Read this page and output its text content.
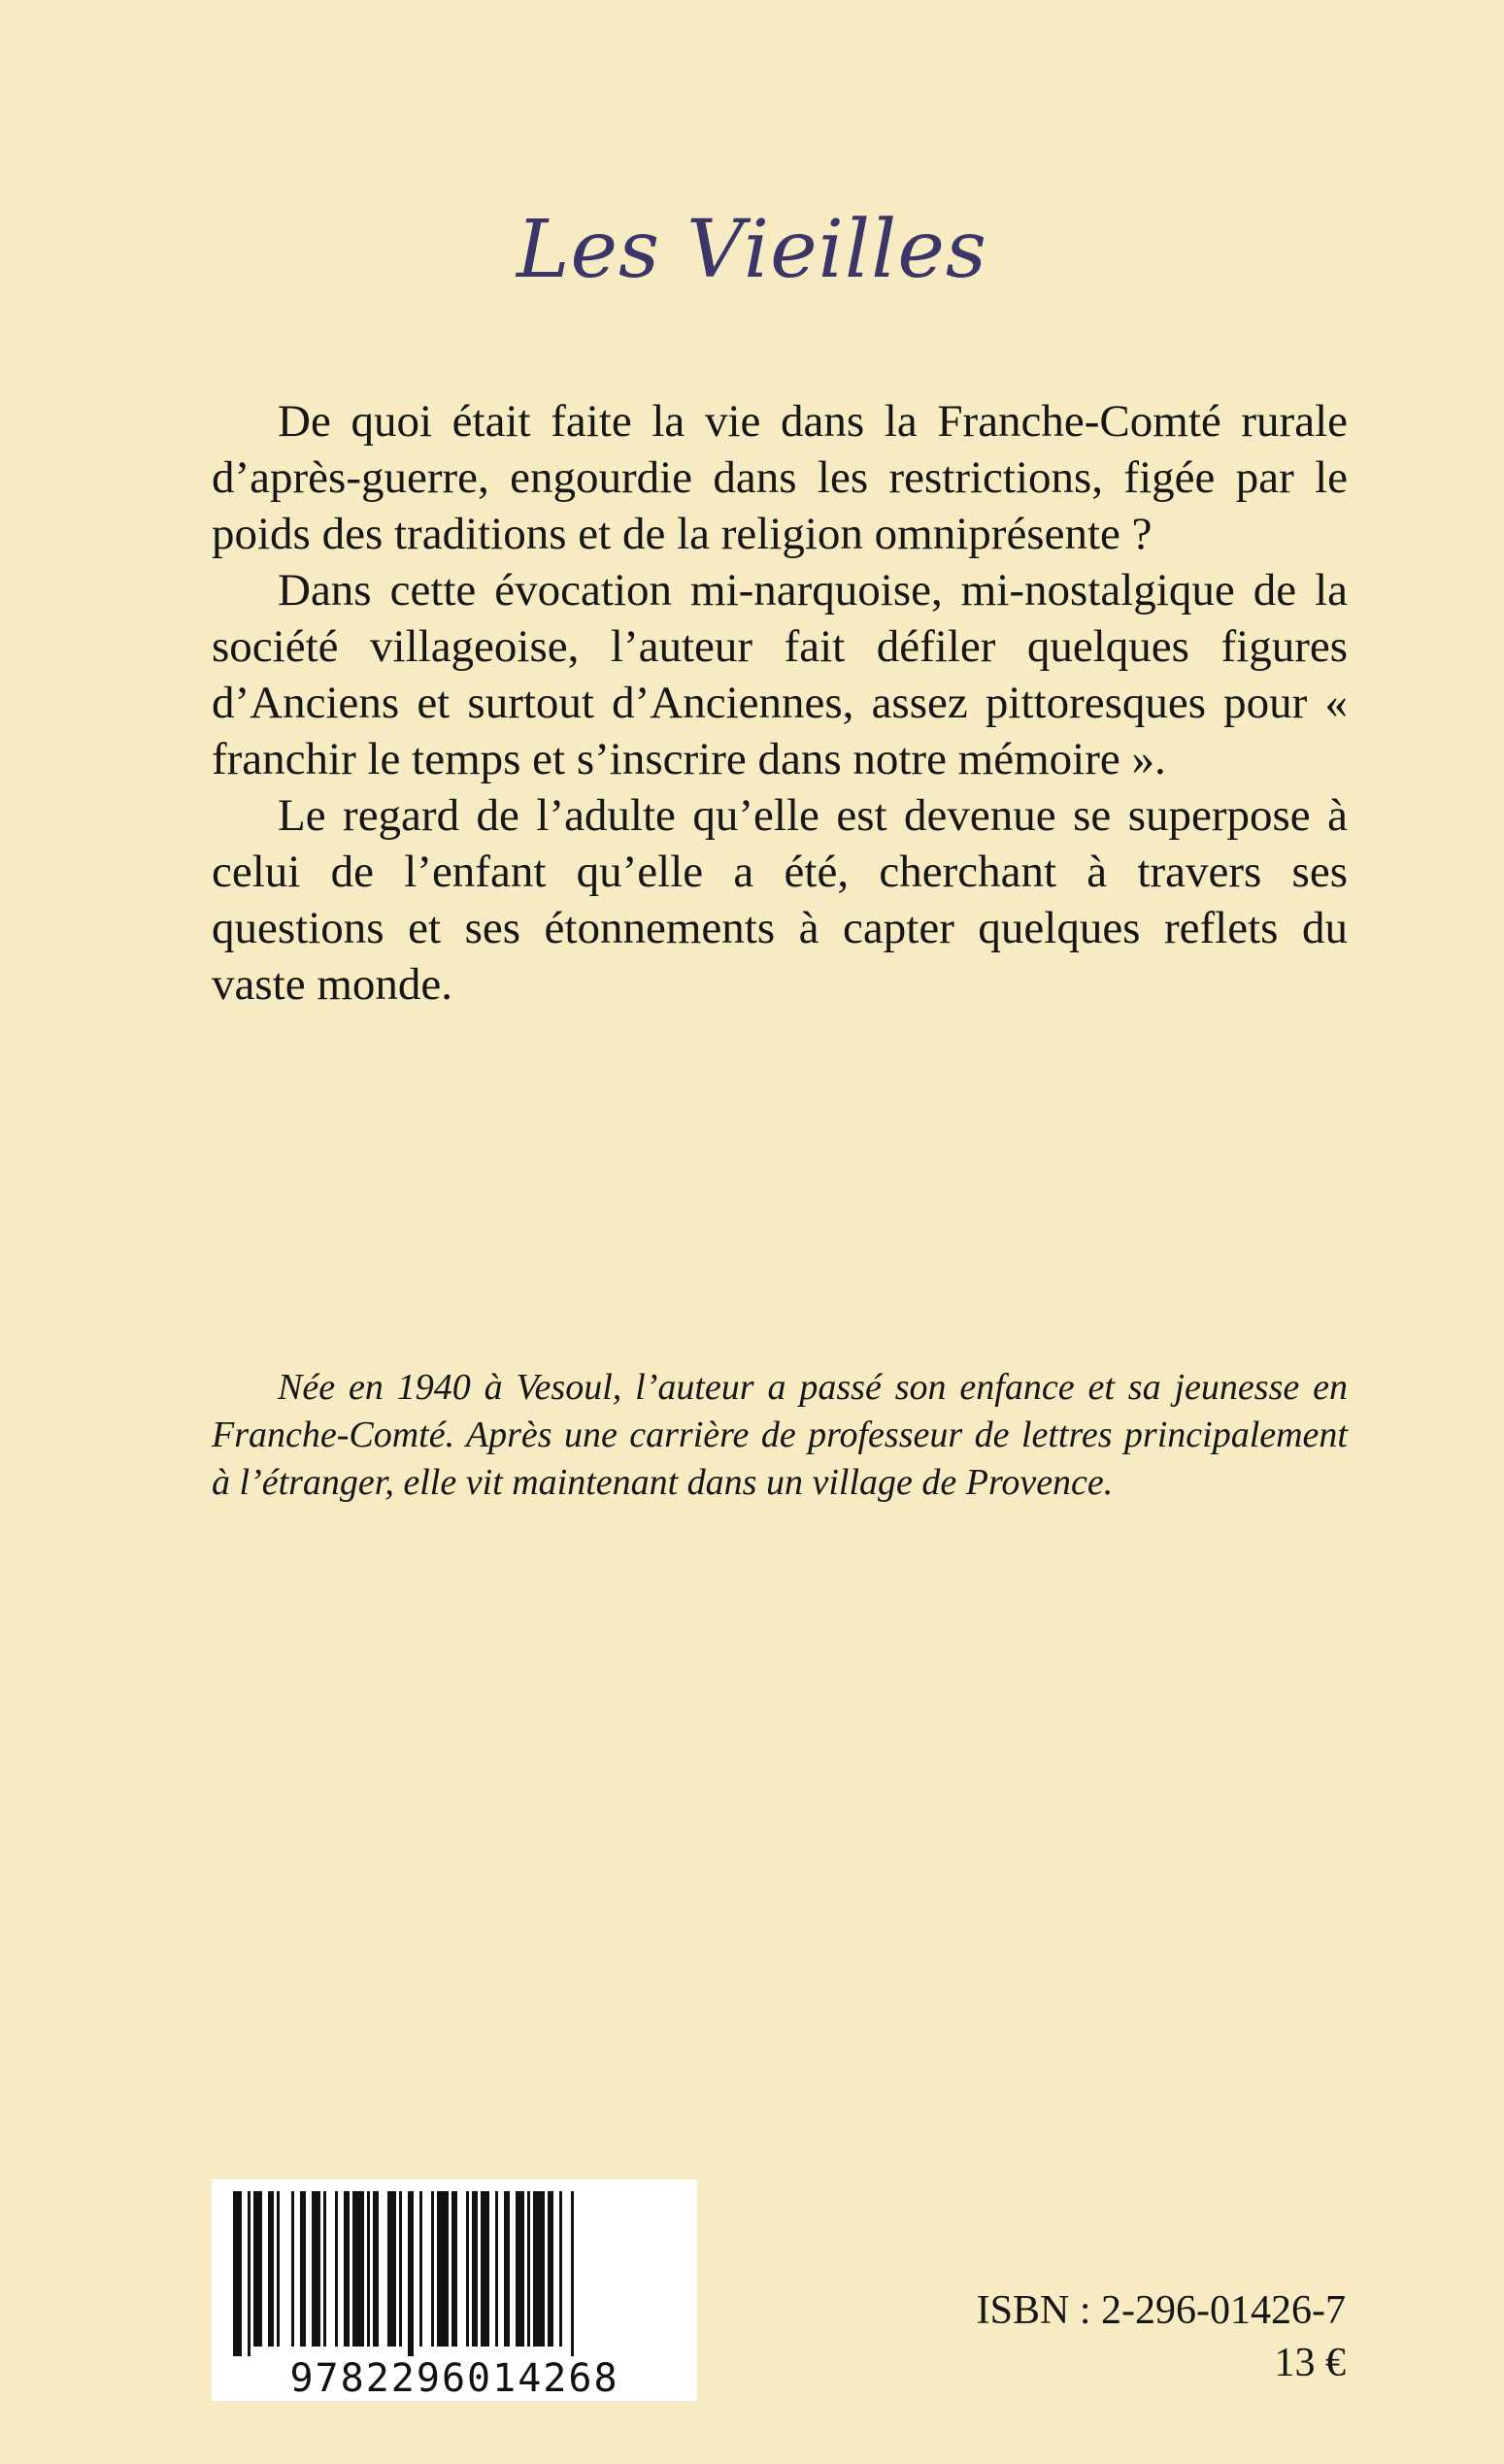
Les Vieilles

De quoi était faite la vie dans la Franche-Comté rurale d’après-guerre, engourdie dans les restrictions, figée par le poids des traditions et de la religion omniprésente ?

Dans cette évocation mi-narquoise, mi-nostalgique de la société villageoise, l’auteur fait défiler quelques figures d’Anciens et surtout d’Anciennes, assez pittoresques pour « franchir le temps et s’inscrire dans notre mémoire ».

Le regard de l’adulte qu’elle est devenue se superpose à celui de l’enfant qu’elle a été, cherchant à travers ses questions et ses étonnements à capter quelques reflets du vaste monde.

Née en 1940 à Vesoul, l’auteur a passé son enfance et sa jeunesse en Franche-Comté. Après une carrière de professeur de lettres principalement à l’étranger, elle vit maintenant dans un village de Provence.

9782296014268

ISBN : 2-296-01426-7

13 €
